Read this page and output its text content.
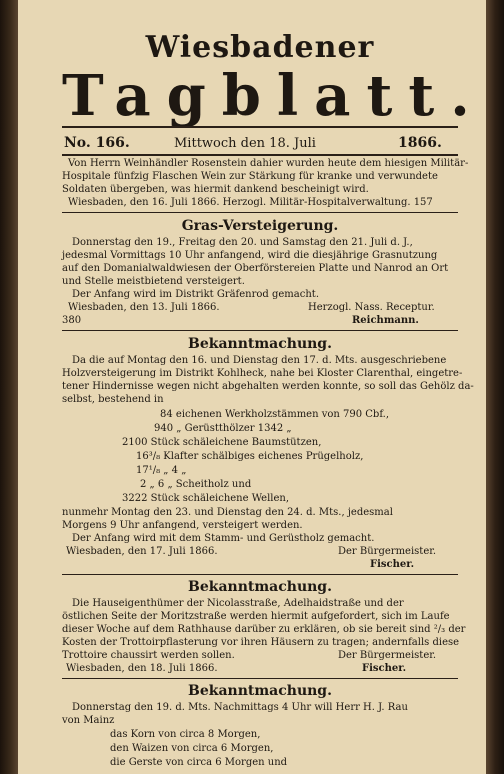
Wiesbadener
Tagblatt.
No. 166.	Mittwoch den 18. Juli	1866.
Von Herrn Weinhändler Rosenstein dahier wurden heute dem hiesigen Militär-
Hospitale fünfzig Flaschen Wein zur Stärkung für kranke und verwundete
Soldaten übergeben, was hiermit dankend bescheinigt wird.
Wiesbaden, den 16. Juli 1866. Herzogl. Militär-Hospitalverwaltung. 157
Gras-Versteigerung.
Donnerstag den 19., Freitag den 20. und Samstag den 21. Juli d. J.,
jedesmal Vormittags 10 Uhr anfangend, wird die diesjährige Grasnutzung
auf den Domanialwaldwiesen der Oberförstereien Platte und Nanrod an Ort
und Stelle meistbietend versteigert.
Der Anfang wird im Distrikt Gräfenrod gemacht.
Wiesbaden, den 13. Juli 1866.	Herzogl. Nass. Receptur.
380	Reichmann.
Bekanntmachung.
Da die auf Montag den 16. und Dienstag den 17. d. Mts. ausgeschriebene
Holzversteigerung im Distrikt Kohlheck, nahe bei Kloster Clarenthal, eingetre-
tener Hindernisse wegen nicht abgehalten werden konnte, so soll das Gehölz da-
selbst, bestehend in
84 eichenen Werkholzstämmen von 790 Cbf.,
940 „ Gerüstthölzer 1342 „
2100 Stück schäleichene Baumstützen,
16³/₈ Klafter schälbiges eichenes Prügelholz,
17¹/₈ „ 4 „
2 „ 6 „ Scheitholz und
3222 Stück schäleichene Wellen,
nunmehr Montag den 23. und Dienstag den 24. d. Mts., jedesmal
Morgens 9 Uhr anfangend, versteigert werden.
Der Anfang wird mit dem Stamm- und Gerüstholz gemacht.
Wiesbaden, den 17. Juli 1866.	Der Bürgermeister.
Fischer.
Bekanntmachung.
Die Hauseigenthümer der Nicolasstraße, Adelhaidstraße und der
östlichen Seite der Moritzstraße werden hiermit aufgefordert, sich im Laufe
dieser Woche auf dem Rathhause darüber zu erklären, ob sie bereit sind ²/₃ der
Kosten der Trottoirpflasterung vor ihren Häusern zu tragen; andernfalls diese
Trottoire chaussirt werden sollen.	Der Bürgermeister.
Wiesbaden, den 18. Juli 1866.	Fischer.
Bekanntmachung.
Donnerstag den 19. d. Mts. Nachmittags 4 Uhr will Herr H. J. Rau
von Mainz
das Korn von circa 8 Morgen,
den Waizen von circa 6 Morgen,
die Gerste von circa 6 Morgen und
